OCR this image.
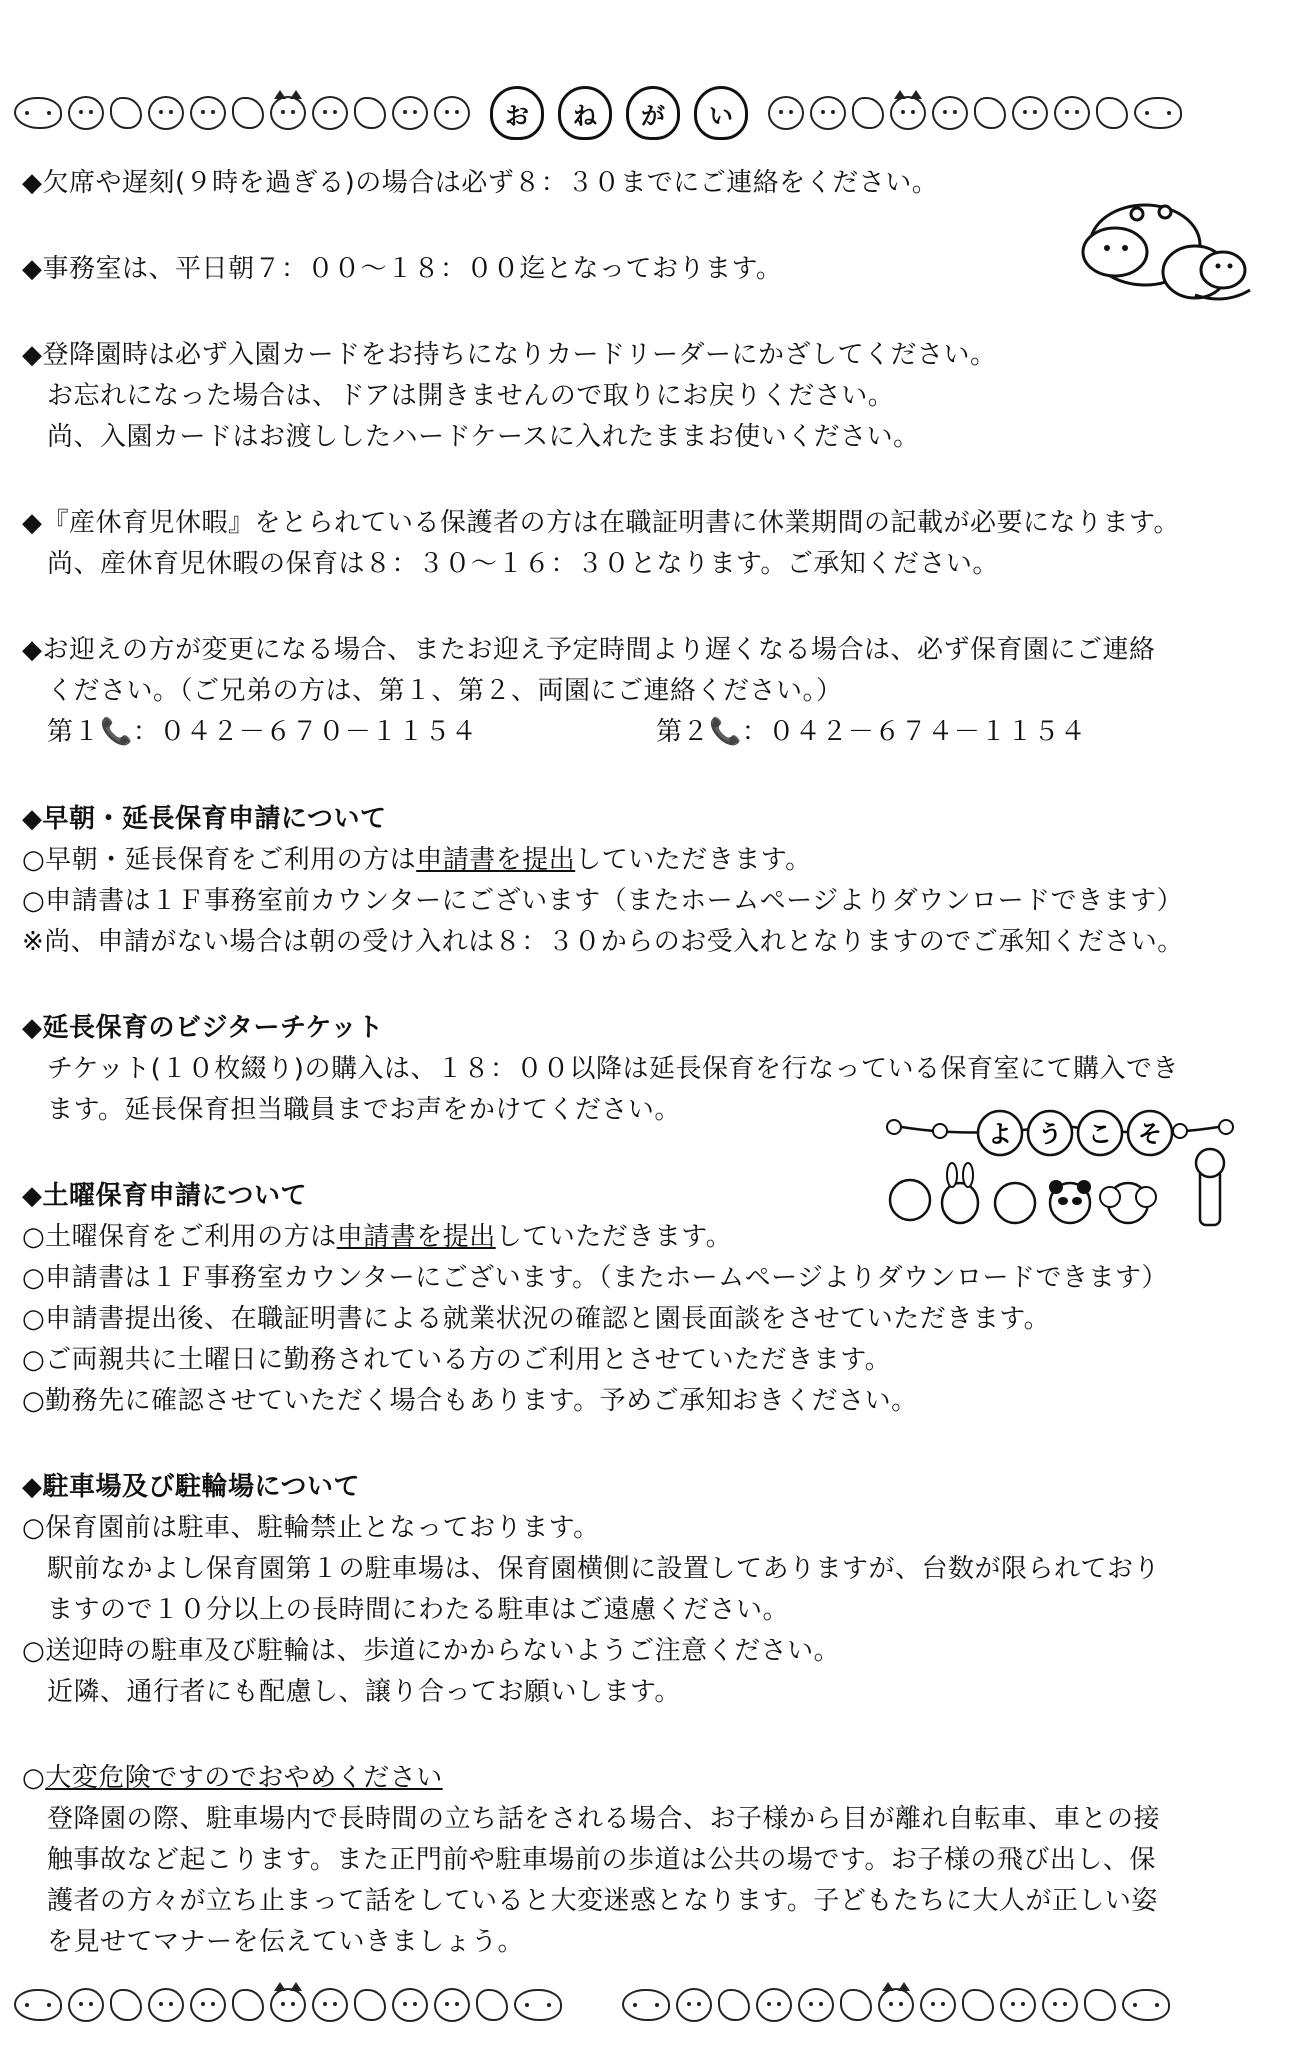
お	ね	が	い
よ う こ そ
◆欠席や遅刻(９時を過ぎる)の場合は必ず８：３０までにご連絡をください。
◆事務室は、平日朝７：００～１８：００迄となっております。
◆登降園時は必ず入園カードをお持ちになりカードリーダーにかざしてください。
お忘れになった場合は、ドアは開きませんので取りにお戻りください。
尚、入園カードはお渡ししたハードケースに入れたままお使いください。
◆『産休育児休暇』をとられている保護者の方は在職証明書に休業期間の記載が必要になります。
尚、産休育児休暇の保育は８：３０～１６：３０となります。ご承知ください。
◆お迎えの方が変更になる場合、またお迎え予定時間より遅くなる場合は、必ず保育園にご連絡
ください。（ご兄弟の方は、第１、第２、両園にご連絡ください。）
第１📞：０４２－６７０－１１５４	第２📞：０４２－６７４－１１５４
◆早朝・延長保育申請について
○早朝・延長保育をご利用の方は申請書を提出していただきます。
○申請書は１Ｆ事務室前カウンターにございます（またホームページよりダウンロードできます）
※尚、申請がない場合は朝の受け入れは８：３０からのお受入れとなりますのでご承知ください。
◆延長保育のビジターチケット
チケット(１０枚綴り)の購入は、１８：００以降は延長保育を行なっている保育室にて購入でき
ます。延長保育担当職員までお声をかけてください。
◆土曜保育申請について
○土曜保育をご利用の方は申請書を提出していただきます。
○申請書は１Ｆ事務室カウンターにございます。（またホームページよりダウンロードできます）
○申請書提出後、在職証明書による就業状況の確認と園長面談をさせていただきます。
○ご両親共に土曜日に勤務されている方のご利用とさせていただきます。
○勤務先に確認させていただく場合もあります。予めご承知おきください。
◆駐車場及び駐輪場について
○保育園前は駐車、駐輪禁止となっております。
駅前なかよし保育園第１の駐車場は、保育園横側に設置してありますが、台数が限られており
ますので１０分以上の長時間にわたる駐車はご遠慮ください。
○送迎時の駐車及び駐輪は、歩道にかからないようご注意ください。
近隣、通行者にも配慮し、譲り合ってお願いします。
○大変危険ですのでおやめください
登降園の際、駐車場内で長時間の立ち話をされる場合、お子様から目が離れ自転車、車との接
触事故など起こります。また正門前や駐車場前の歩道は公共の場です。お子様の飛び出し、保
護者の方々が立ち止まって話をしていると大変迷惑となります。子どもたちに大人が正しい姿
を見せてマナーを伝えていきましょう。
